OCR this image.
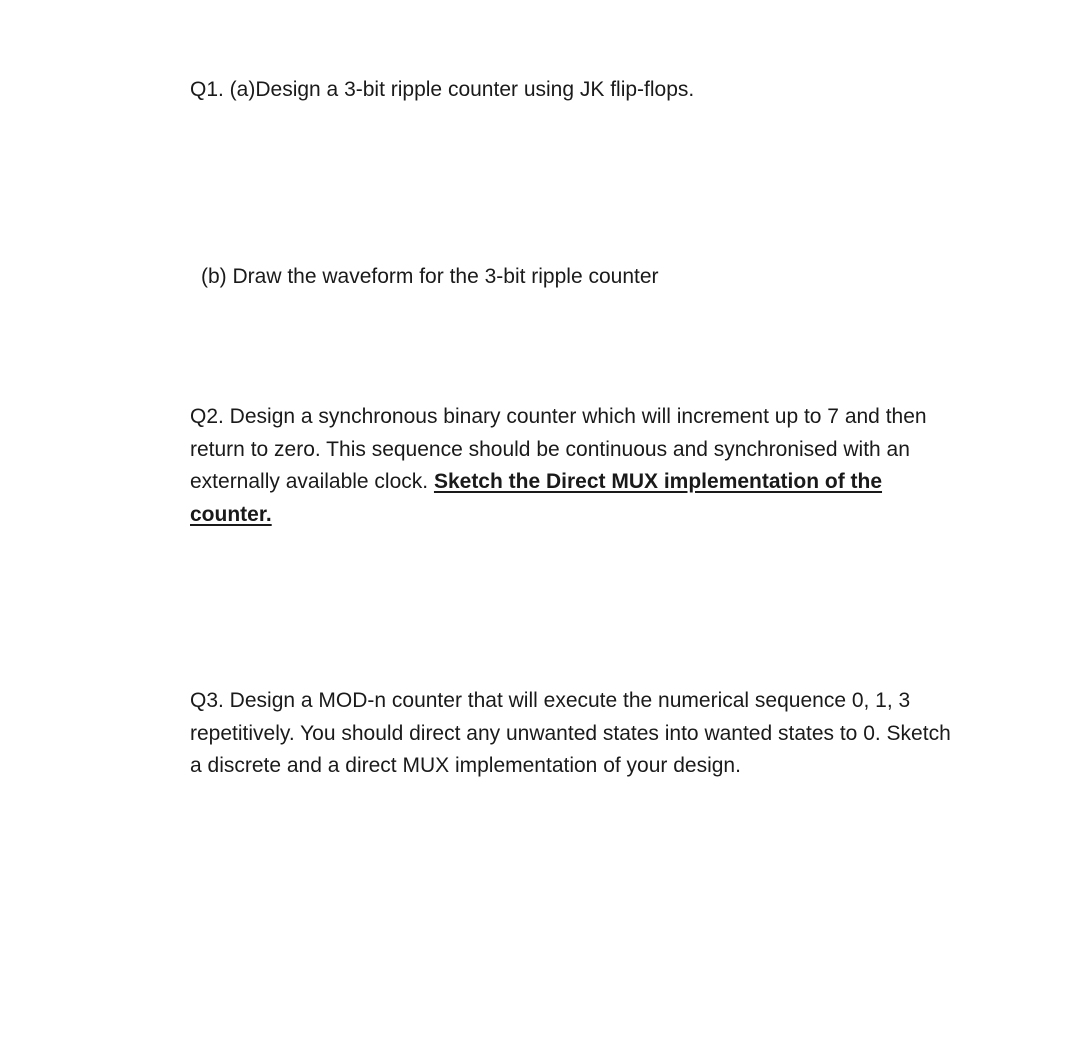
Q1. (a)Design a 3-bit ripple counter using JK flip-flops.

(b) Draw the waveform for the 3-bit ripple counter

Q2. Design a synchronous binary counter which will increment up to 7 and then return to zero. This sequence should be continuous and synchronised with an externally available clock. Sketch the Direct MUX implementation of the counter.

Q3. Design a MOD-n counter that will execute the numerical sequence 0, 1, 3 repetitively. You should direct any unwanted states into wanted states to 0. Sketch a discrete and a direct MUX implementation of your design.
